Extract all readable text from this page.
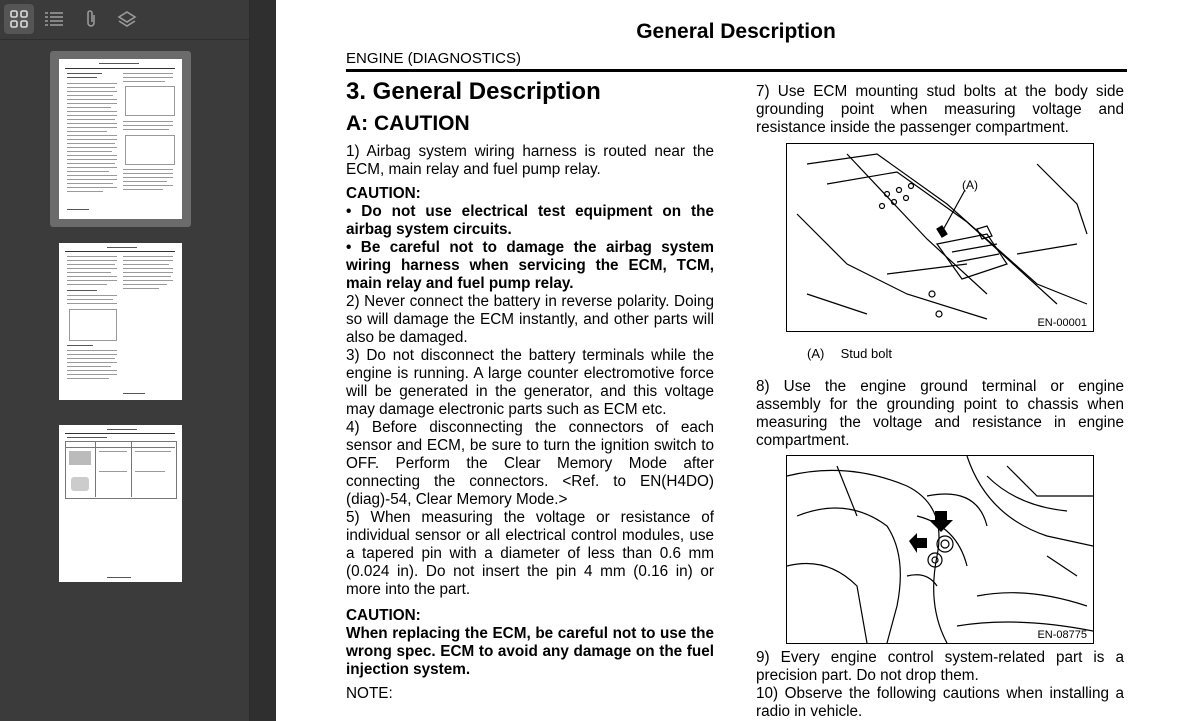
General Description
ENGINE (DIAGNOSTICS)
3. General Description
A: CAUTION

1) Airbag system wiring harness is routed near the ECM, main relay and fuel pump relay.

CAUTION:

• Do not use electrical test equipment on the airbag system circuits.

• Be careful not to damage the airbag system wiring harness when servicing the ECM, TCM, main relay and fuel pump relay.

2) Never connect the battery in reverse polarity. Doing so will damage the ECM instantly, and other parts will also be damaged.

3) Do not disconnect the battery terminals while the engine is running. A large counter electromotive force will be generated in the generator, and this voltage may damage electronic parts such as ECM etc.

4) Before disconnecting the connectors of each sensor and ECM, be sure to turn the ignition switch to OFF. Perform the Clear Memory Mode after connecting the connectors. <Ref. to EN(H4DO)(diag)-54, Clear Memory Mode.>

5) When measuring the voltage or resistance of individual sensor or all electrical control modules, use a tapered pin with a diameter of less than 0.6 mm (0.024 in). Do not insert the pin 4 mm (0.16 in) or more into the part.

CAUTION:

When replacing the ECM, be careful not to use the wrong spec. ECM to avoid any damage on the fuel injection system.

NOTE:

7) Use ECM mounting stud bolts at the body side grounding point when measuring voltage and resistance inside the passenger compartment.

(A)
EN-00001
(A) Stud bolt

8) Use the engine ground terminal or engine assembly for the grounding point to chassis when measuring the voltage and resistance in engine compartment.

EN-08775

9) Every engine control system-related part is a precision part. Do not drop them.

10) Observe the following cautions when installing a radio in vehicle.
